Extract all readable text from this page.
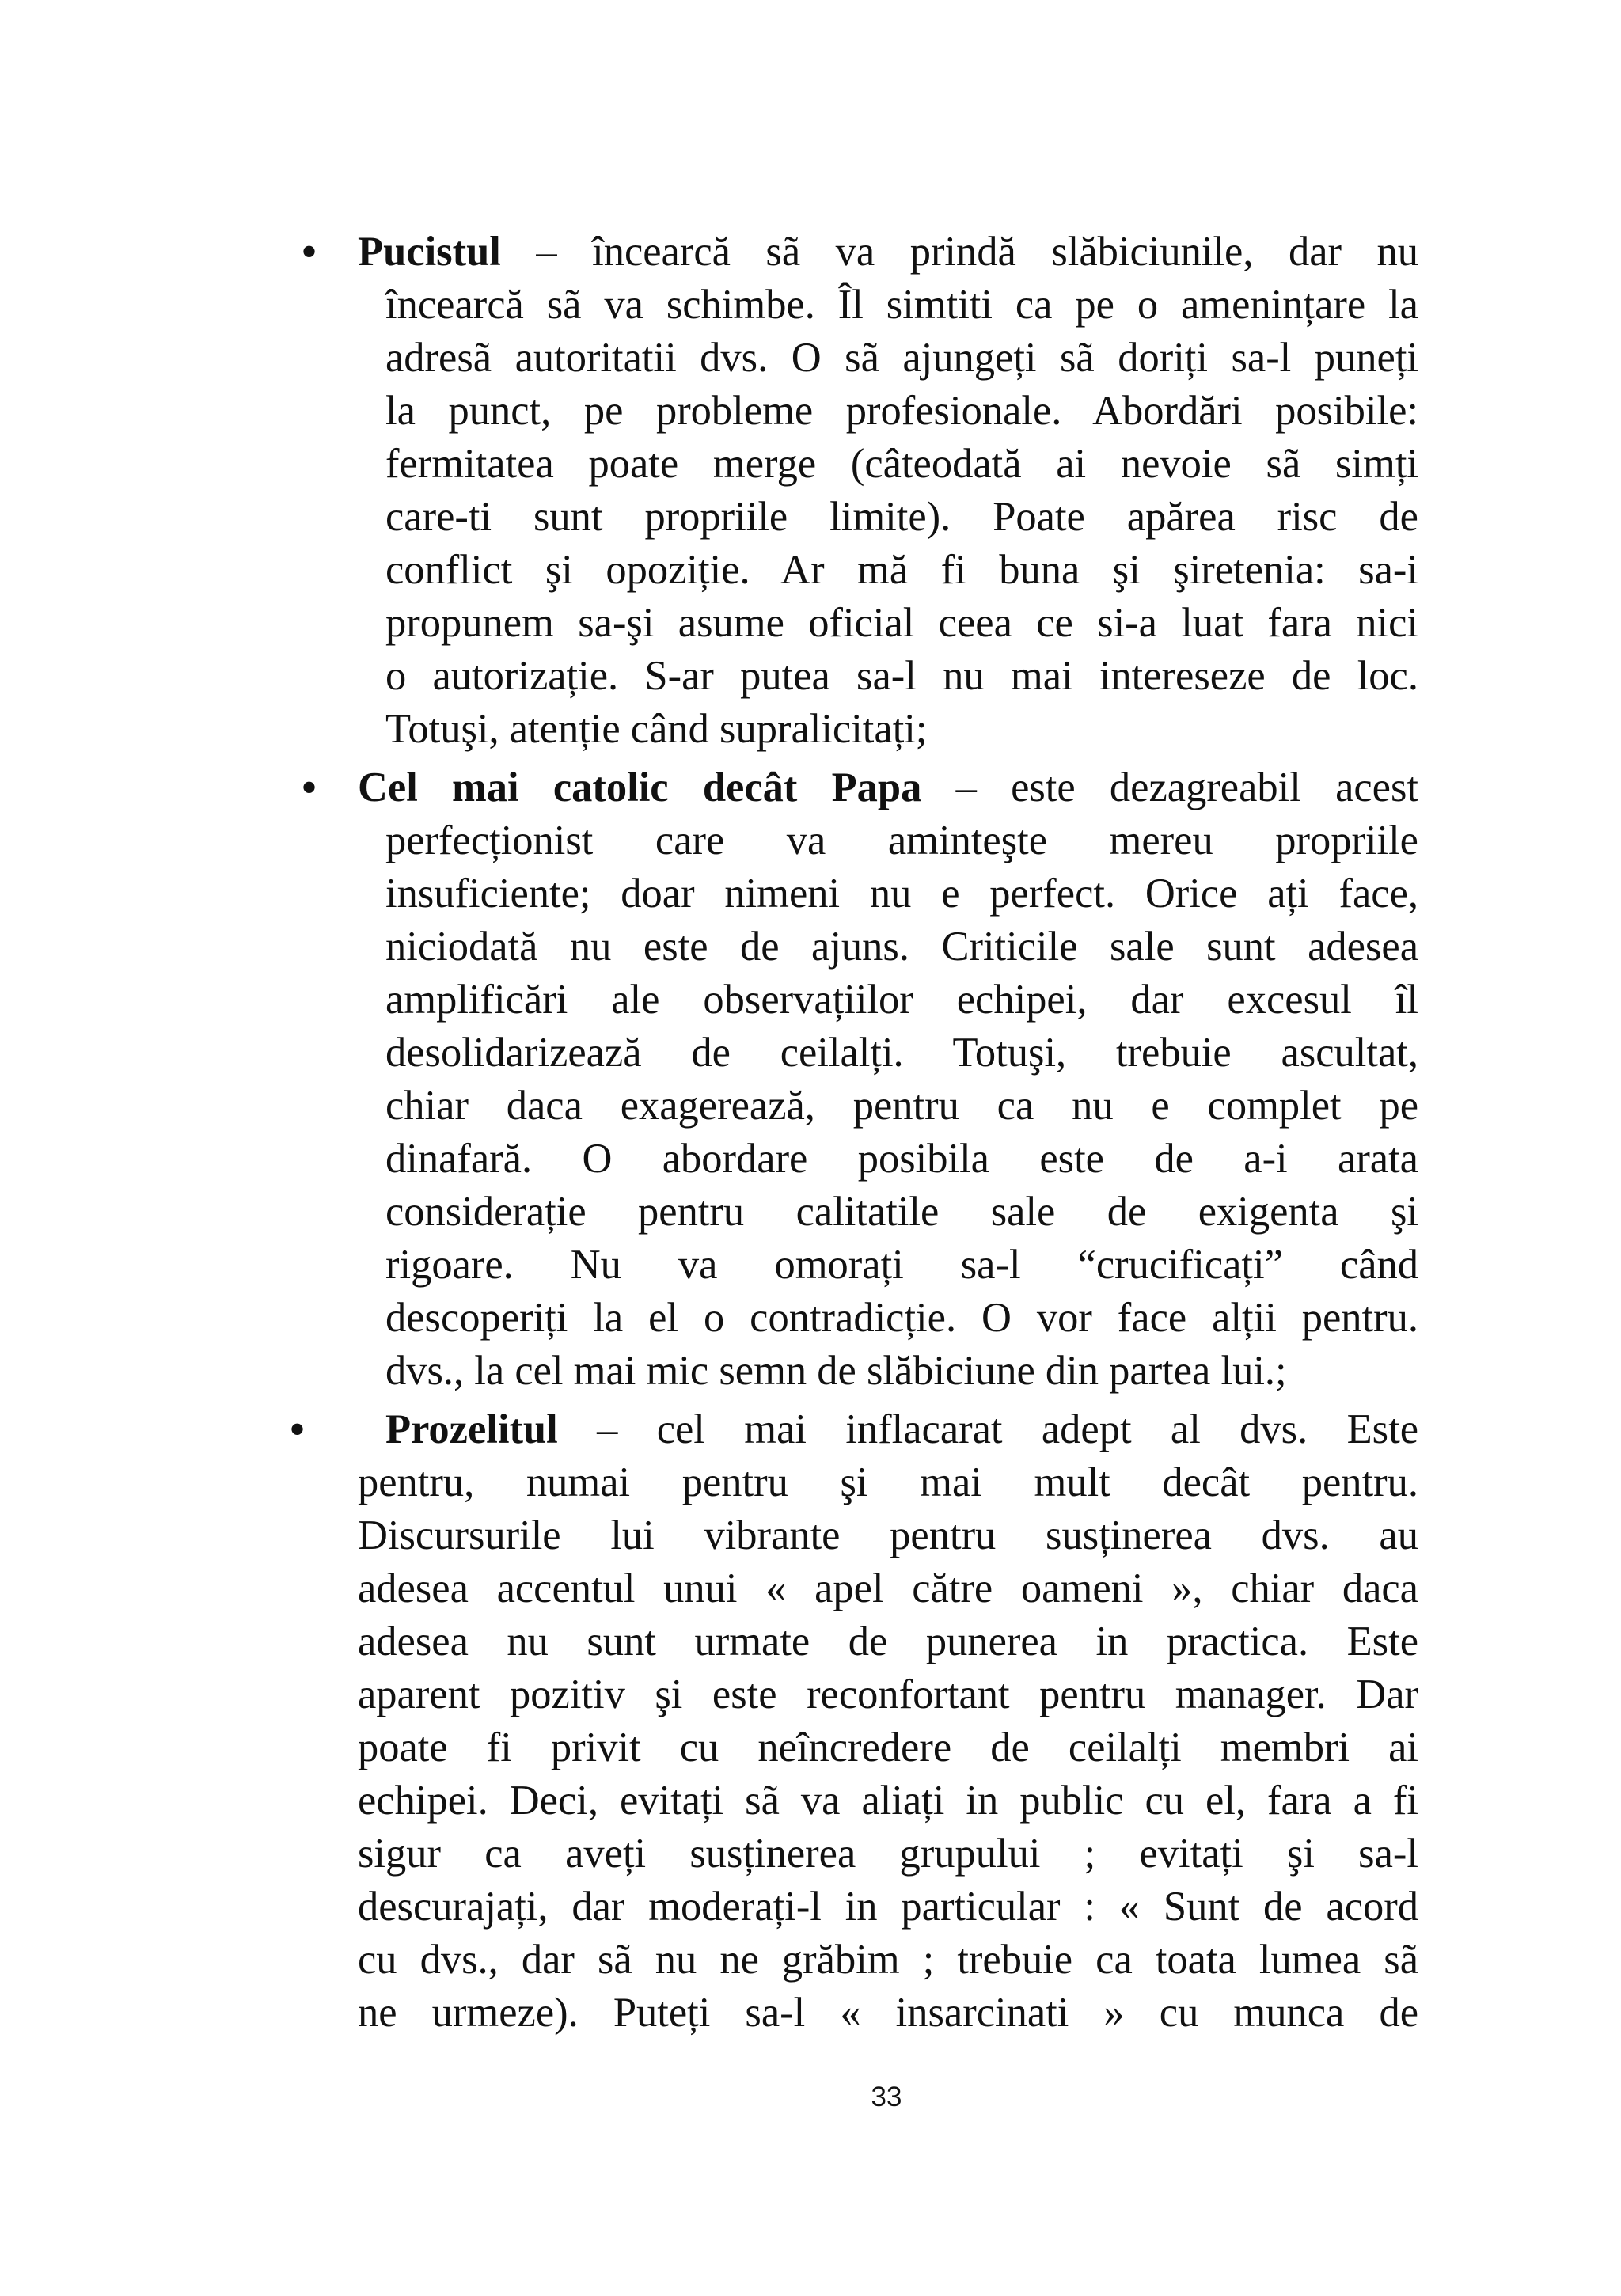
• Pucistul – încearcă sã va prindă slăbiciunile, dar nu
încearcă sã va schimbe. Îl simtiti ca pe o amenințare la
adresã autoritatii dvs. O sã ajungeți sã doriți sa-l puneți
la punct, pe probleme profesionale. Abordări posibile:
fermitatea poate merge (câteodată ai nevoie sã simți
care-ti sunt propriile limite). Poate apărea risc de
conflict şi opoziție. Ar mă fi buna şi şiretenia: sa-i
propunem sa-şi asume oficial ceea ce si-a luat fara nici
o autorizație. S-ar putea sa-l nu mai intereseze de loc.
Totuşi, atenție când supralicitați;
• Cel mai catolic decât Papa – este dezagreabil acest
perfecționist care va aminteşte mereu propriile
insuficiente; doar nimeni nu e perfect. Orice ați face,
niciodată nu este de ajuns. Criticile sale sunt adesea
amplificări ale observațiilor echipei, dar excesul îl
desolidarizează de ceilalți. Totuşi, trebuie ascultat,
chiar daca exagerează, pentru ca nu e complet pe
dinafară. O abordare posibila este de a-i arata
considerație pentru calitatile sale de exigenta şi
rigoare. Nu va omorați sa-l “crucificați” când
descoperiți la el o contradicție. O vor face alții pentru.
dvs., la cel mai mic semn de slăbiciune din partea lui.;
• Prozelitul – cel mai inflacarat adept al dvs. Este
pentru, numai pentru şi mai mult decât pentru.
Discursurile lui vibrante pentru susținerea dvs. au
adesea accentul unui « apel către oameni », chiar daca
adesea nu sunt urmate de punerea in practica. Este
aparent pozitiv şi este reconfortant pentru manager. Dar
poate fi privit cu neîncredere de ceilalți membri ai
echipei. Deci, evitați sã va aliați in public cu el, fara a fi
sigur ca aveți susținerea grupului ; evitați şi sa-l
descurajați, dar moderați-l in particular : « Sunt de acord
cu dvs., dar sã nu ne grăbim ; trebuie ca toata lumea sã
ne urmeze). Puteți sa-l « insarcinati » cu munca de
33
